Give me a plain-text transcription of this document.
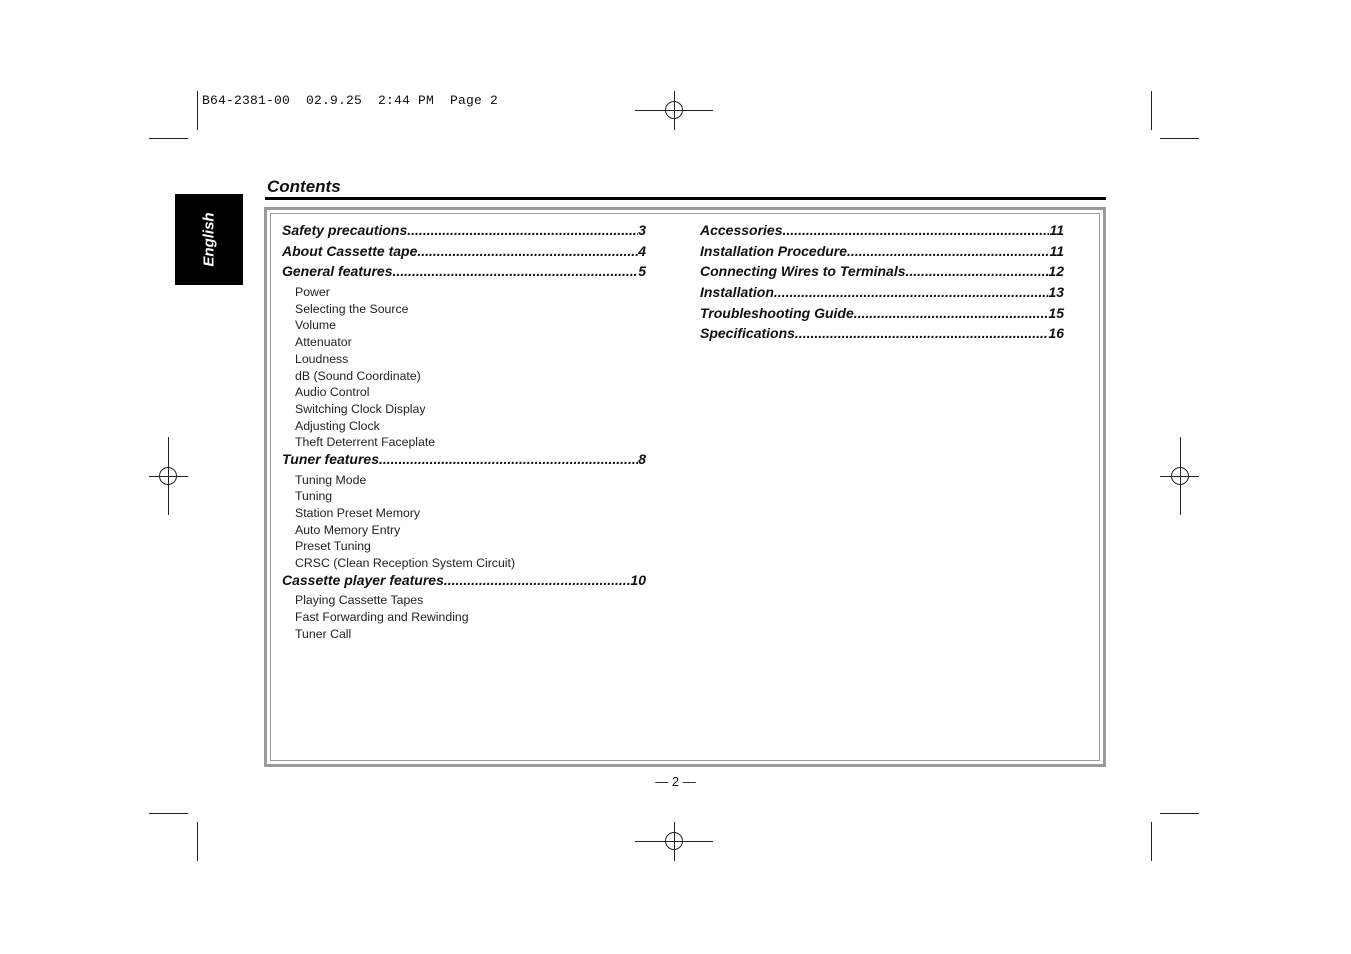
B64-2381-00  02.9.25  2:44 PM  Page 2
English
Contents
Safety precautions .....	3
About Cassette tape .....	4
General features .....	5
Power
Selecting the Source
Volume
Attenuator
Loudness
dB (Sound Coordinate)
Audio Control
Switching Clock Display
Adjusting Clock
Theft Deterrent Faceplate
Tuner features .....	8
Tuning Mode
Tuning
Station Preset Memory
Auto Memory Entry
Preset Tuning
CRSC (Clean Reception System Circuit)
Cassette player features .....	10
Playing Cassette Tapes
Fast Forwarding and Rewinding
Tuner Call
Accessories .....	11
Installation Procedure .....	11
Connecting Wires to Terminals .....	12
Installation .....	13
Troubleshooting Guide .....	15
Specifications .....	16
— 2 —
